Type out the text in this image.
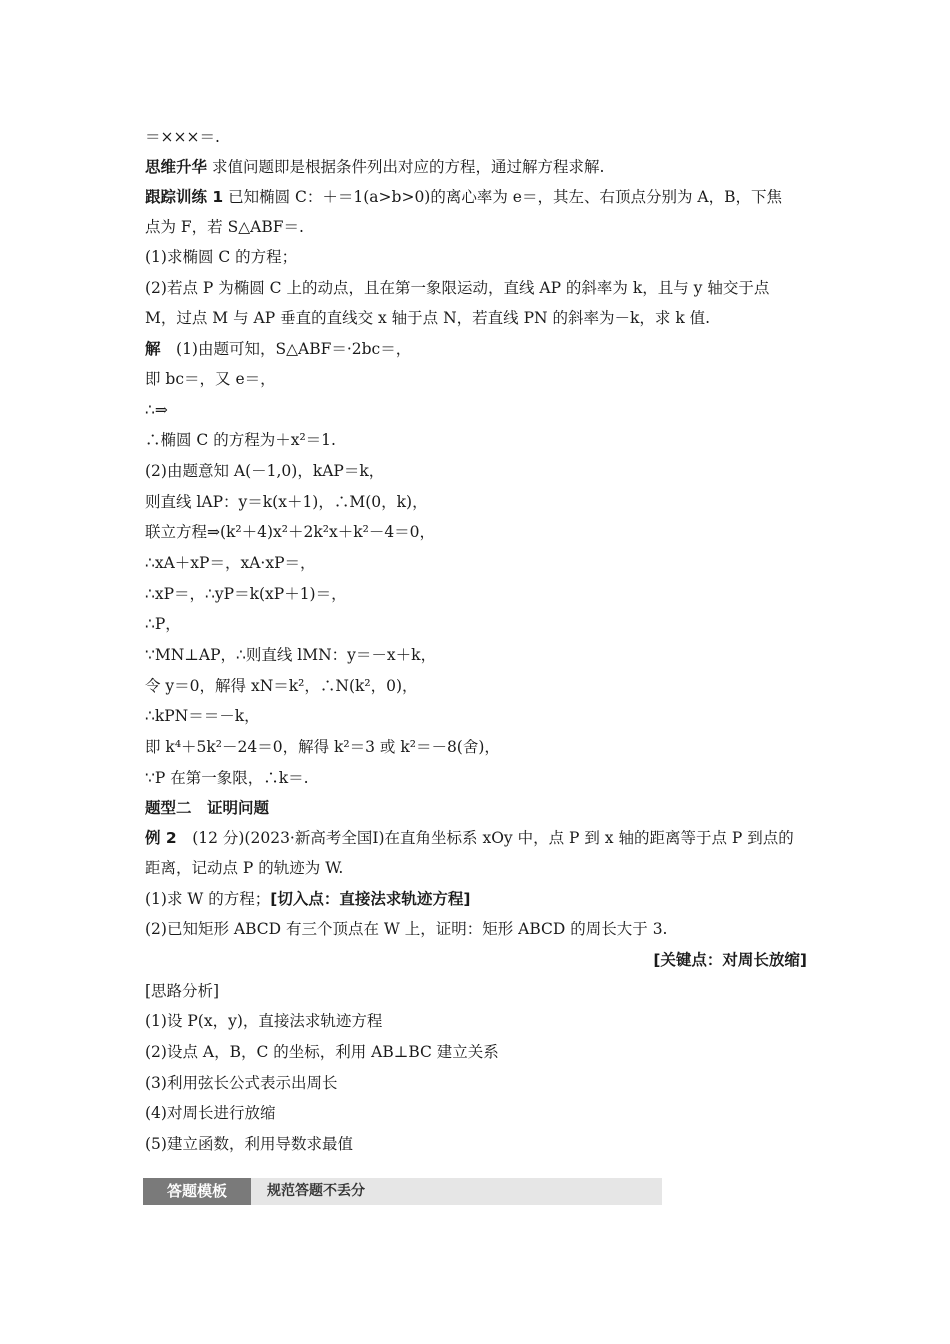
＝×××＝.
思维升华 求值问题即是根据条件列出对应的方程，通过解方程求解.
跟踪训练 1 已知椭圆 C：＋＝1(a>b>0)的离心率为 e＝，其左、右顶点分别为 A，B，下焦
点为 F，若 S△ABF＝.
(1)求椭圆 C 的方程；
(2)若点 P 为椭圆 C 上的动点，且在第一象限运动，直线 AP 的斜率为 k，且与 y 轴交于点
M，过点 M 与 AP 垂直的直线交 x 轴于点 N，若直线 PN 的斜率为－k，求 k 值.
解　(1)由题可知，S△ABF＝·2bc＝，
即 bc＝，又 e＝，
∴⇒
∴椭圆 C 的方程为＋x²＝1.
(2)由题意知 A(－1,0)，kAP＝k，
则直线 lAP：y＝k(x＋1)，∴M(0，k)，
联立方程⇒(k²＋4)x²＋2k²x＋k²－4＝0，
∴xA＋xP＝，xA·xP＝，
∴xP＝，∴yP＝k(xP＋1)＝，
∴P，
∵MN⊥AP，∴则直线 lMN：y＝－x＋k，
令 y＝0，解得 xN＝k²，∴N(k²，0)，
∴kPN＝＝－k，
即 k⁴＋5k²－24＝0，解得 k²＝3 或 k²＝－8(舍)，
∵P 在第一象限，∴k＝.
题型二　证明问题
例 2　(12 分)(2023·新高考全国Ⅰ)在直角坐标系 xOy 中，点 P 到 x 轴的距离等于点 P 到点的
距离，记动点 P 的轨迹为 W.
(1)求 W 的方程；[切入点：直接法求轨迹方程]
(2)已知矩形 ABCD 有三个顶点在 W 上，证明：矩形 ABCD 的周长大于 3.
[关键点：对周长放缩]
[思路分析]
(1)设 P(x，y)，直接法求轨迹方程
(2)设点 A，B，C 的坐标，利用 AB⊥BC 建立关系
(3)利用弦长公式表示出周长
(4)对周长进行放缩
(5)建立函数，利用导数求最值
答题模板	规范答题不丢分
